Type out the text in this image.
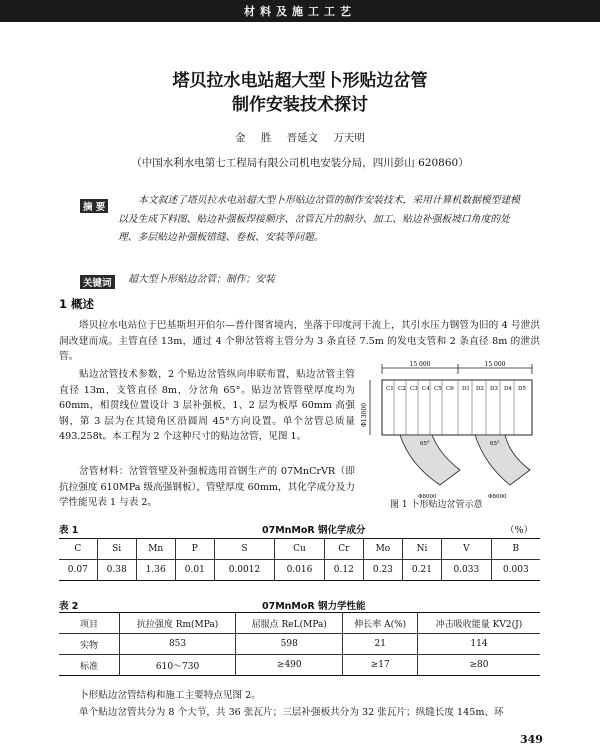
材料及施工工艺
塔贝拉水电站超大型卜形贴边岔管
制作安装技术探讨
金 胜 晋延文 万天明
（中国水利水电第七工程局有限公司机电安装分局，四川彭山 620860）
摘 要
本文叙述了塔贝拉水电站超大型卜形贴边岔管的制作安装技术，采用计算机数据模型建模以及生成下料图、贴边补强板焊接顺序、岔管瓦片的制分、加工、贴边补强板坡口角度的处理、多层贴边补强板错缝、卷板、安装等问题。
关键词	超大型卜形贴边岔管；制作；安装
1 概述
塔贝拉水电站位于巴基斯坦开伯尔—普什图省境内，坐落于印度河干流上，其引水压力钢管为旧的 4 号泄洪洞改建而成。主管直径 13m，通过 4 个卵岔管将主管分为 3 条直径 7.5m 的发电支管和 2 条直径 8m 的泄洪管。
贴边岔管技术参数，2 个贴边岔管纵向串联布置，贴边岔管主管直径 13m，支管直径 8m，分岔角 65°。贴边岔管管壁厚度均为 60mm，相贯线位置设计 3 层补强板，1、2 层为板厚 60mm 高强钢，第 3 层为在其镜角区沿圆周 45°方向设置。单个岔管总质量 493.258t。本工程为 2 个这种尺寸的贴边岔管，见图 1。
岔管材料：岔管管壁及补强板选用首钢生产的 07MnCrVR（即抗拉强度 610MPa 级高强钢板），管壁厚度 60mm，其化学成分及力学性能见表 1 与表 2。
15 000	15 000
Φ13000
C1 C2 C3 C4 C5 C6 D1 D2 D3 D4 D5
65°	65°
Φ8000	Φ8000
图 1 卜形贴边岔管示意
表 1	07MnMoR 钢化学成分	（%）
C	Si	Mn	P	S	Cu	Cr	Mo	Ni	V	B
0.07	0.38	1.36	0.01	0.0012	0.016	0.12	0.23	0.21	0.033	0.003
表 2	07MnMoR 钢力学性能
项目	抗拉强度 Rm(MPa)	屈服点 ReL(MPa)	伸长率 A(%)	冲击吸收能量 KV2(J)
实物	853	598	21	114
标准	610～730	≥490	≥17	≥80
卜形贴边岔管结构和施工主要特点见图 2。
单个贴边岔管共分为 8 个大节，共 36 张瓦片；三层补强板共分为 32 张瓦片；纵缝长度 145m、环
349
